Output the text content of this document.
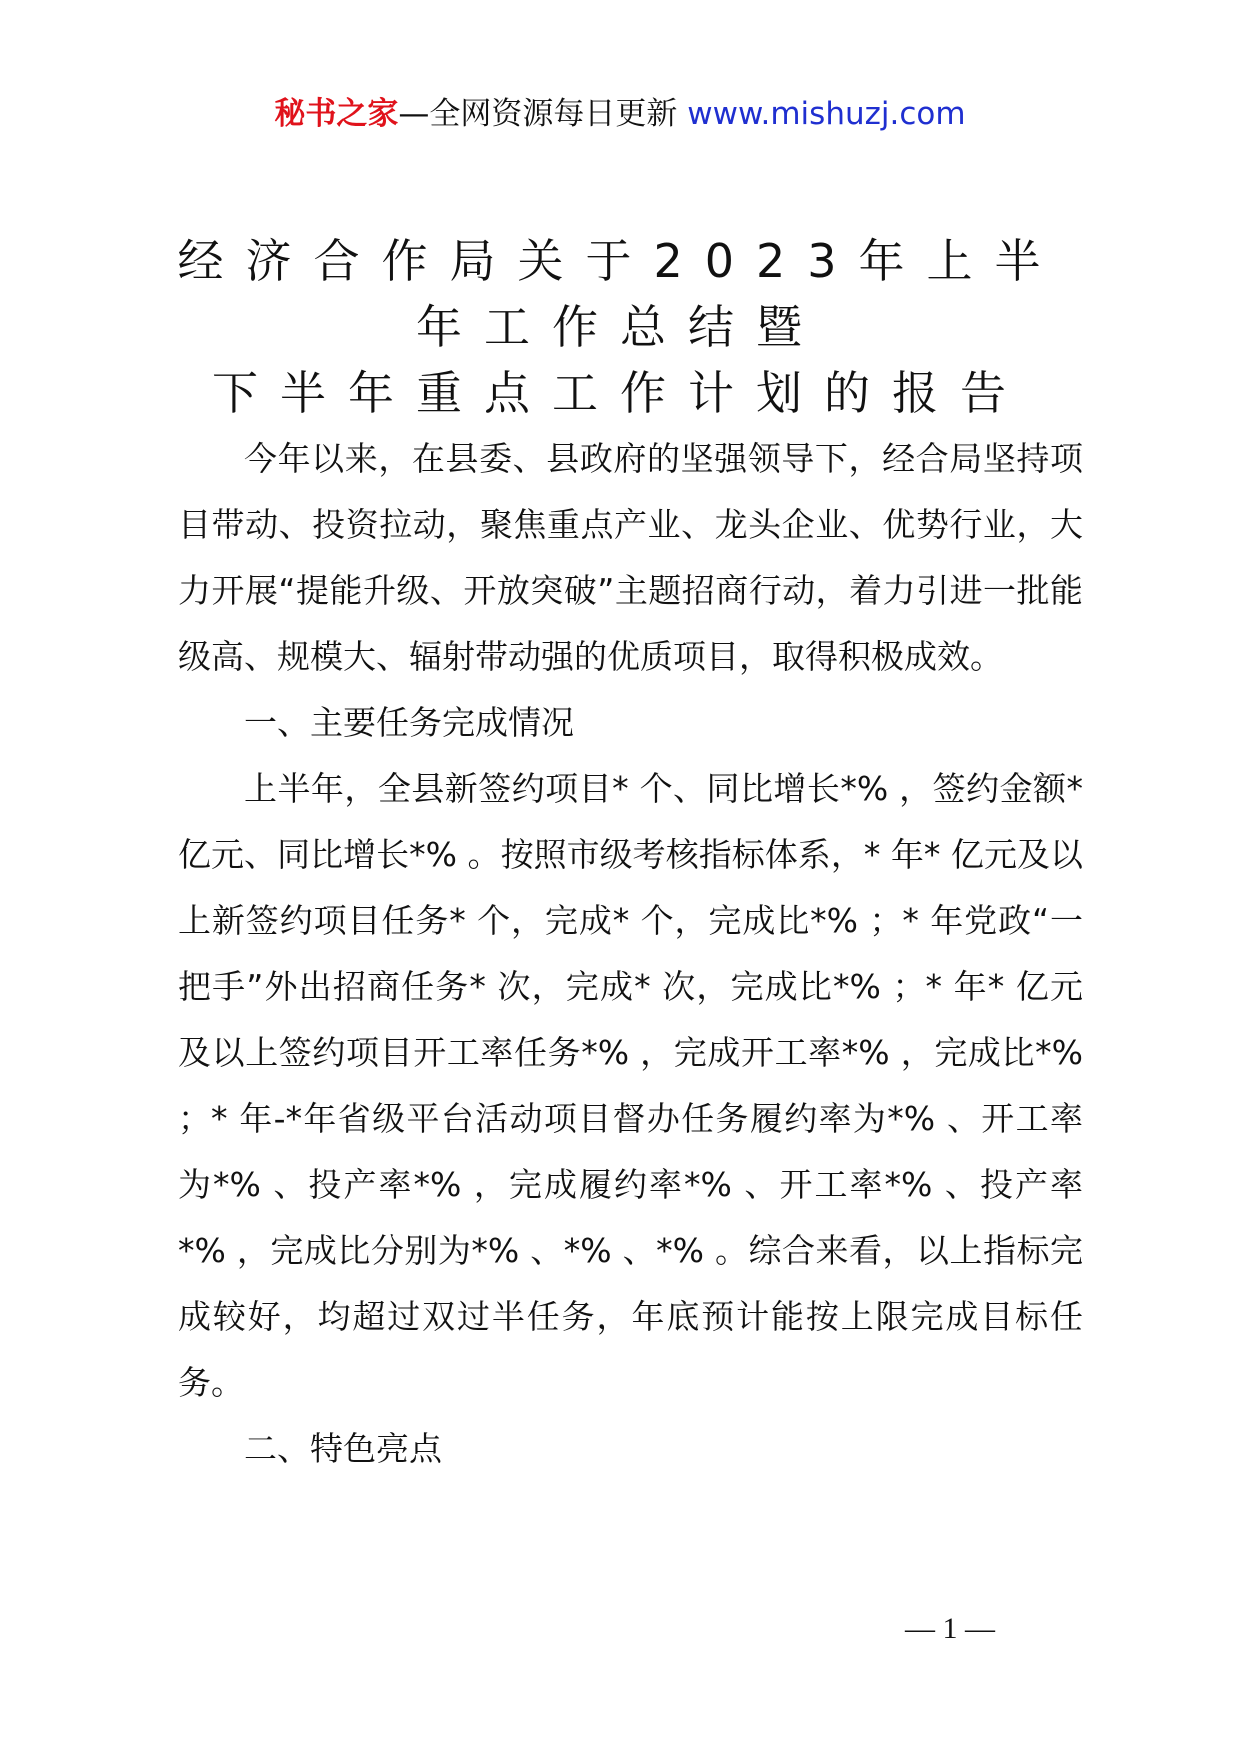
秘书之家—全网资源每日更新 www.mishuzj.com
经济合作局关于2023年上半
年工作总结暨
下半年重点工作计划的报告

今年以来，在县委、县政府的坚强领导下，经合局坚持项目带动、投资拉动，聚焦重点产业、龙头企业、优势行业，大力开展“提能升级、开放突破”主题招商行动，着力引进一批能级高、规模大、辐射带动强的优质项目，取得积极成效。

一、主要任务完成情况

上半年，全县新签约项目* 个、同比增长*% ，签约金额* 亿元、同比增长*% 。按照市级考核指标体系，* 年* 亿元及以上新签约项目任务* 个，完成* 个，完成比*% ；* 年党政“一把手”外出招商任务* 次，完成* 次，完成比*% ；* 年* 亿元及以上签约项目开工率任务*% ，完成开工率*% ，完成比*% ；* 年-*年省级平台活动项目督办任务履约率为*% 、开工率为*% 、投产率*% ，完成履约率*% 、开工率*% 、投产率*% ，完成比分别为*% 、*% 、*% 。综合来看，以上指标完成较好，均超过双过半任务，年底预计能按上限完成目标任务。

二、特色亮点
— 1 —
